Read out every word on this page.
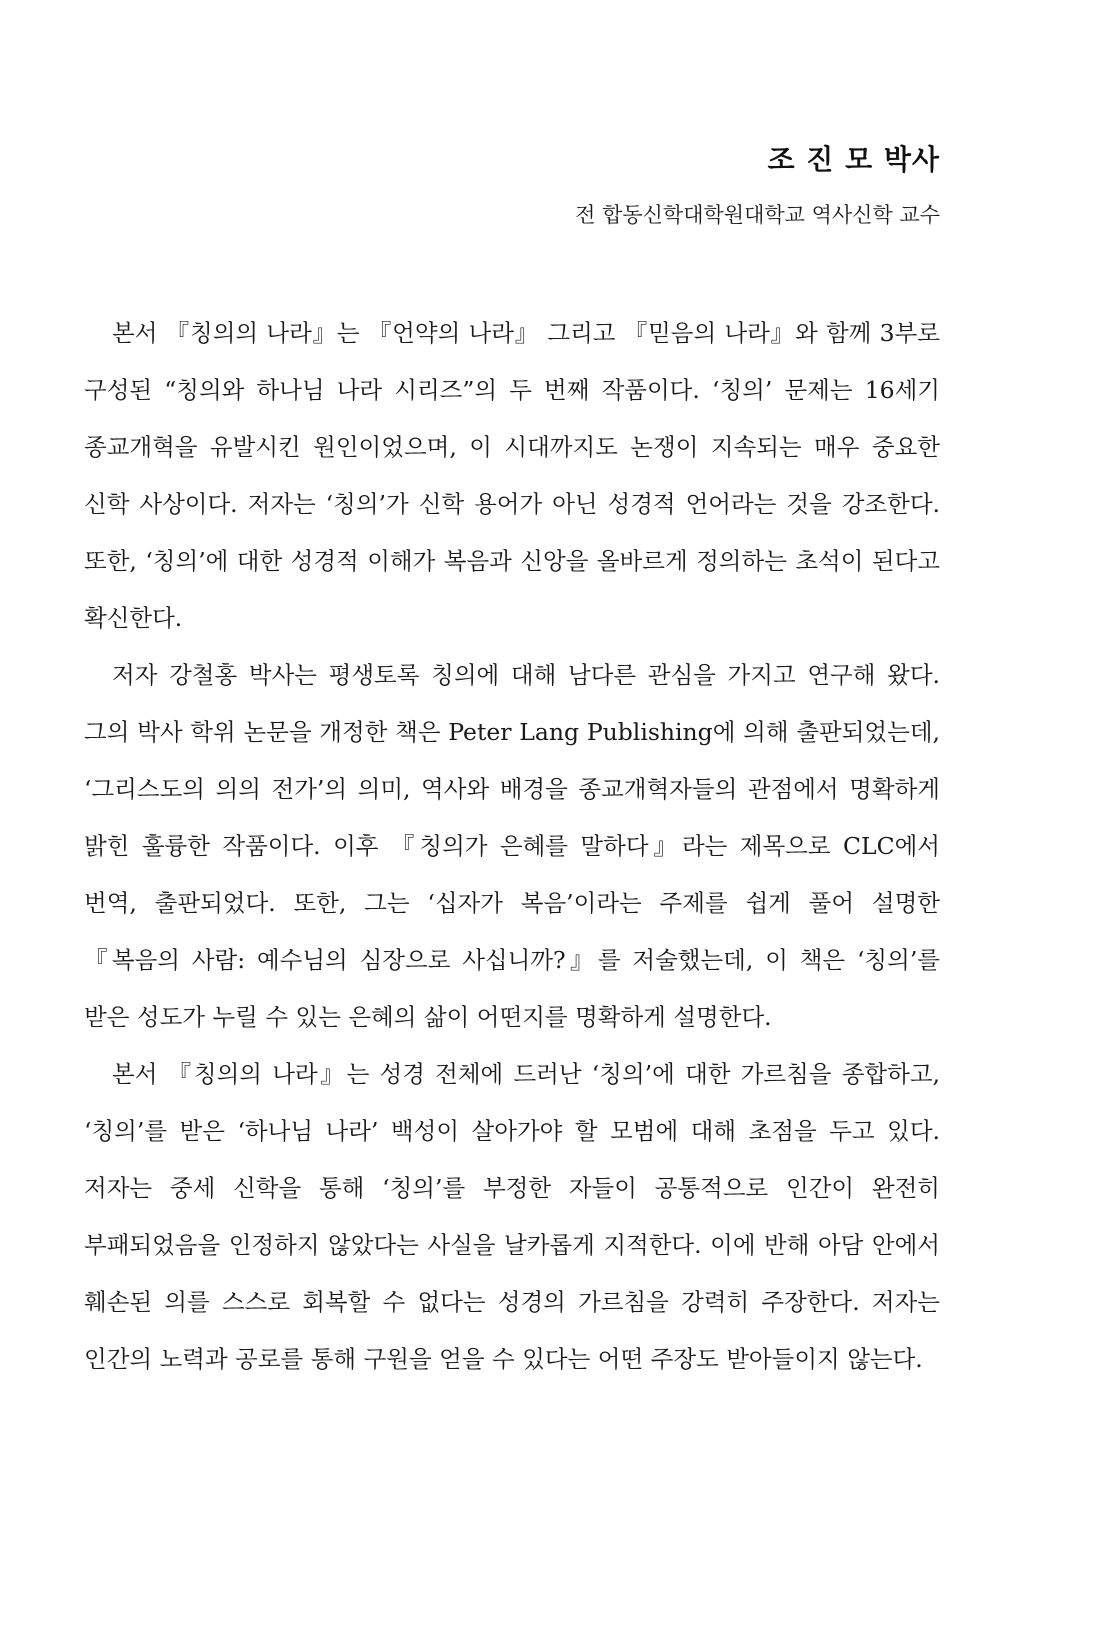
조 진 모 박사
전 합동신학대학원대학교 역사신학 교수

본서 『칭의의 나라』는 『언약의 나라』 그리고 『믿음의 나라』와 함께 3부로 구성된 “칭의와 하나님 나라 시리즈”의 두 번째 작품이다. ‘칭의’ 문제는 16세기 종교개혁을 유발시킨 원인이었으며, 이 시대까지도 논쟁이 지속되는 매우 중요한 신학 사상이다. 저자는 ‘칭의’가 신학 용어가 아닌 성경적 언어라는 것을 강조한다. 또한, ‘칭의’에 대한 성경적 이해가 복음과 신앙을 올바르게 정의하는 초석이 된다고 확신한다.

저자 강철홍 박사는 평생토록 칭의에 대해 남다른 관심을 가지고 연구해 왔다. 그의 박사 학위 논문을 개정한 책은 Peter Lang Publishing에 의해 출판되었는데, ‘그리스도의 의의 전가’의 의미, 역사와 배경을 종교개혁자들의 관점에서 명확하게 밝힌 훌륭한 작품이다. 이후 『칭의가 은혜를 말하다』라는 제목으로 CLC에서 번역, 출판되었다. 또한, 그는 ‘십자가 복음’이라는 주제를 쉽게 풀어 설명한 『복음의 사람: 예수님의 심장으로 사십니까?』를 저술했는데, 이 책은 ‘칭의’를 받은 성도가 누릴 수 있는 은혜의 삶이 어떤지를 명확하게 설명한다.

본서 『칭의의 나라』는 성경 전체에 드러난 ‘칭의’에 대한 가르침을 종합하고, ‘칭의’를 받은 ‘하나님 나라’ 백성이 살아가야 할 모범에 대해 초점을 두고 있다. 저자는 중세 신학을 통해 ‘칭의’를 부정한 자들이 공통적으로 인간이 완전히 부패되었음을 인정하지 않았다는 사실을 날카롭게 지적한다. 이에 반해 아담 안에서 훼손된 의를 스스로 회복할 수 없다는 성경의 가르침을 강력히 주장한다. 저자는 인간의 노력과 공로를 통해 구원을 얻을 수 있다는 어떤 주장도 받아들이지 않는다.
